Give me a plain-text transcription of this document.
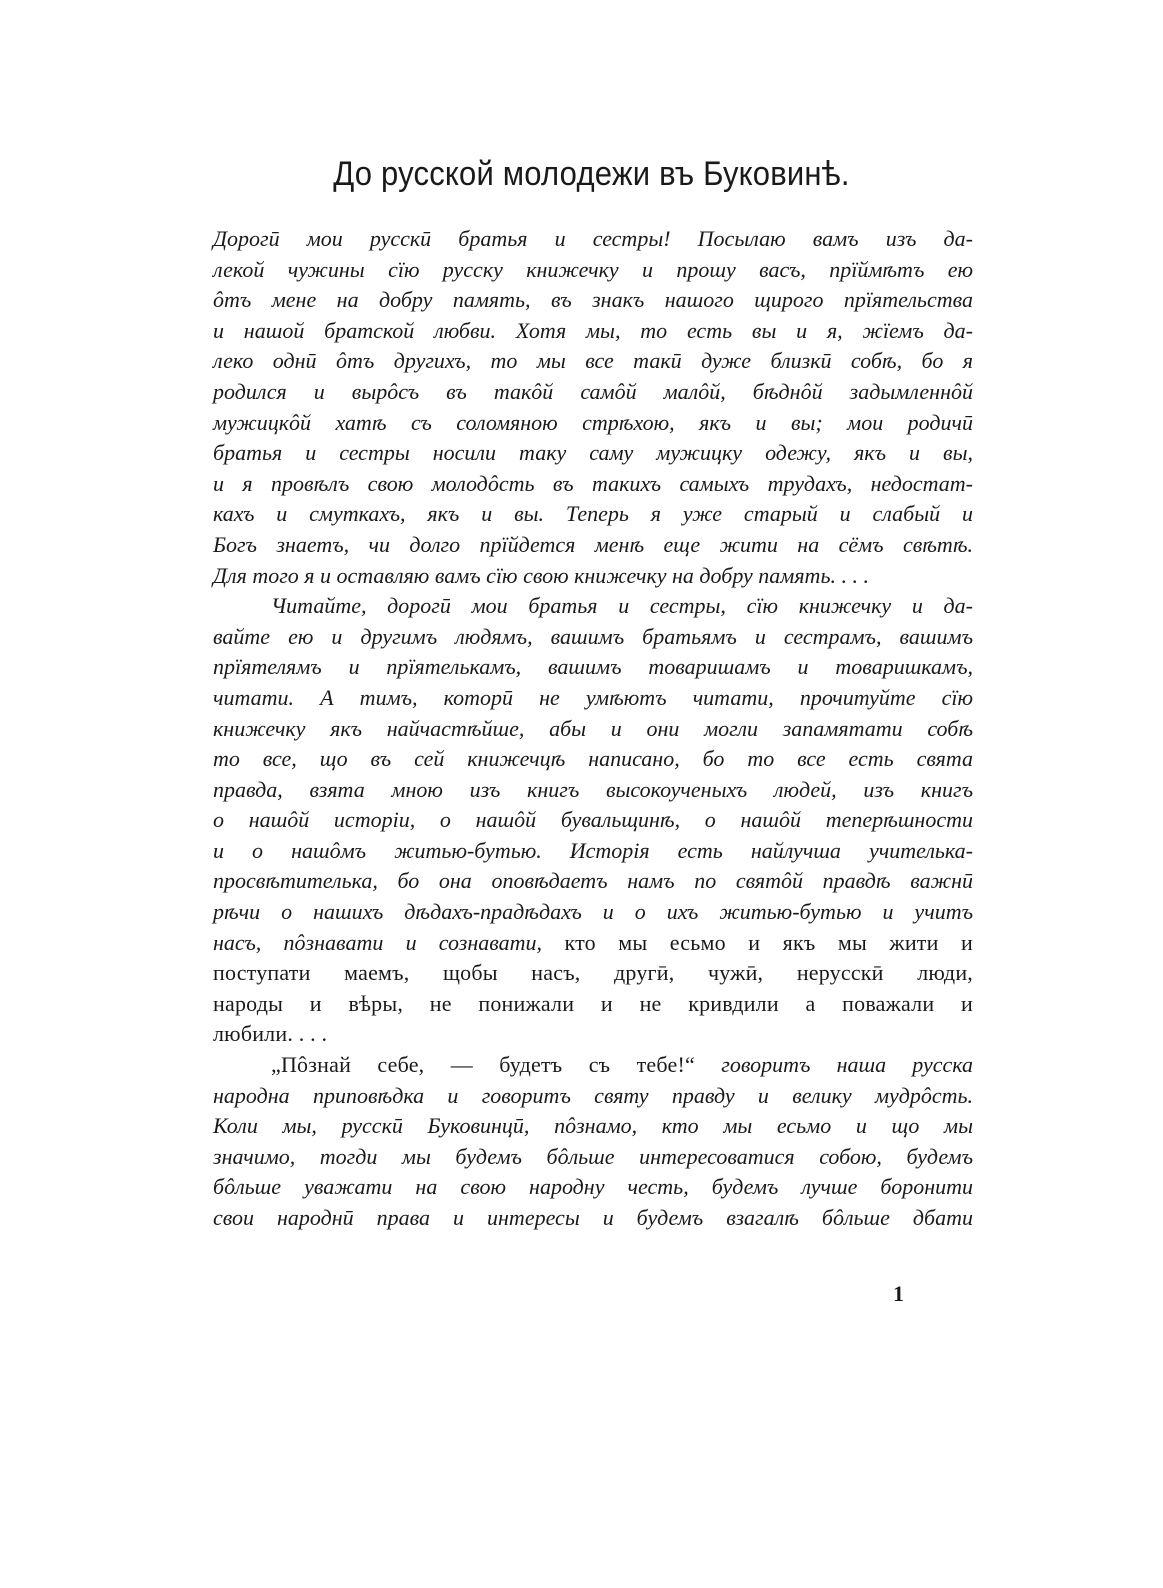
До русской молодежи въ Буковинѣ.
Дорогӣ мои русскӣ братья и сестры! Посылаю вамъ изъ да-
лекой чужины сїю русску книжечку и прошу васъ, прїймѣтъ ею
ôтъ мене на добру память, въ знакъ нашого щирого прїятельства
и нашой братской любви. Хотя мы, то есть вы и я, жїемъ да-
леко однӣ ôтъ другихъ, то мы все такӣ дуже близкӣ собѣ, бо я
родился и вырôсъ въ такôй самôй малôй, бѣднôй задымленнôй
мужицкôй хатѣ съ соломяною стрѣхою, якъ и вы; мои родичӣ
братья и сестры носили таку саму мужицку одежу, якъ и вы,
и я провѣлъ свою молодôсть въ такихъ самыхъ трудахъ, недостат-
кахъ и смуткахъ, якъ и вы. Теперь я уже старый и слабый и
Богъ знаетъ, чи долго прїйдется менѣ еще жити на сёмъ свѣтѣ.
Для того я и оставляю вамъ сїю свою книжечку на добру память. . . .
Читайте, дорогӣ мои братья и сестры, сїю книжечку и да-
вайте ею и другимъ людямъ, вашимъ братьямъ и сестрамъ, вашимъ
прїятелямъ и прїятелькамъ, вашимъ товаришамъ и товаришкамъ,
читати. А тимъ, которӣ не умѣютъ читати, прочитуйте сїю
книжечку якъ найчастѣйше, абы и они могли запамятати собѣ
то все, що въ сей книжечцѣ написано, бо то все есть свята
правда, взята мною изъ книгъ высокоученыхъ людей, изъ книгъ
о нашôй исторіи, о нашôй бувальщинѣ, о нашôй теперѣшности
и о нашôмъ житью-бутью. Исторія есть найлучша учителька-
просвѣтителька, бо она оповѣдаетъ намъ по святôй правдѣ важнӣ
рѣчи о нашихъ дѣдахъ-прадѣдахъ и о ихъ житью-бутью и учитъ
насъ, пôзнавати и сознавати, кто мы есьмо и якъ мы жити и
поступати маемъ, щобы насъ, другӣ, чужӣ, нерусскӣ люди,
народы и вѣры, не понижали и не кривдили а поважали и
любили. . . .
„Пôзнай себе, — будетъ съ тебе!“ говоритъ наша русска
народна приповѣдка и говоритъ святу правду и велику мудрôсть.
Коли мы, русскӣ Буковинцӣ, пôзнамо, кто мы есьмо и що мы
значимо, тогди мы будемъ бôльше интересоватися собою, будемъ
бôльше уважати на свою народну честь, будемъ лучше боронити
свои народнӣ права и интересы и будемъ взагалѣ бôльше дбати
1
